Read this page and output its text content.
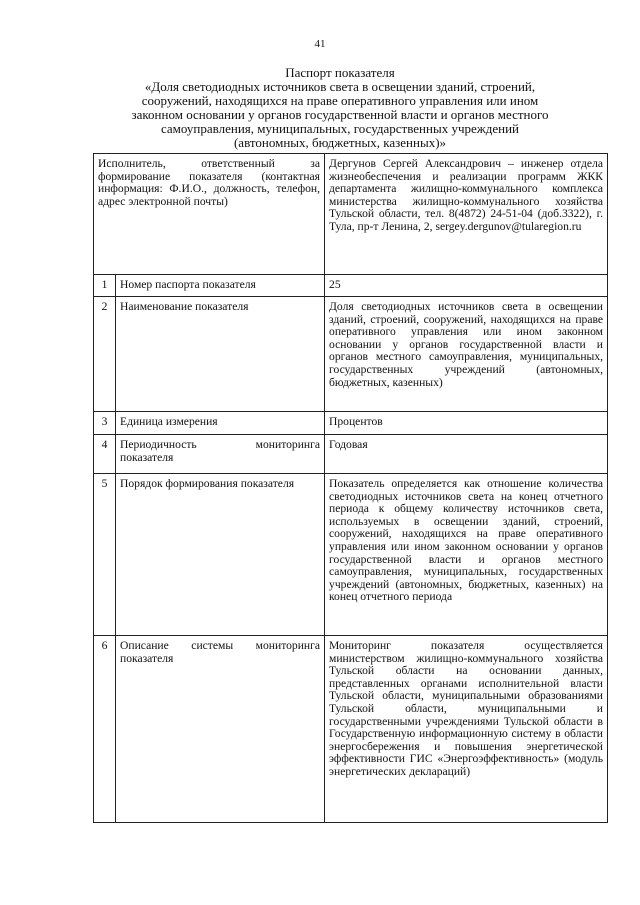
41
Паспорт показателя
«Доля светодиодных источников света в освещении зданий, строений,
сооружений, находящихся на праве оперативного управления или ином
законном основании у органов государственной власти и органов местного
самоуправления, муниципальных, государственных учреждений
(автономных, бюджетных, казенных)»
Исполнитель, ответственный за формирование показателя (контактная информация: Ф.И.О., должность, телефон, адрес электронной почты)		Дергунов Сергей Александрович – инженер отдела жизнеобеспечения и реализации программ ЖКК департамента жилищно-коммунального комплекса министерства жилищно-коммунального хозяйства Тульской области, тел. 8(4872) 24-51-04 (доб.3322), г. Тула, пр-т Ленина, 2, sergey.dergunov@tularegion.ru
1	Номер паспорта показателя	25
2	Наименование показателя	Доля светодиодных источников света в освещении зданий, строений, сооружений, находящихся на праве оперативного управления или ином законном основании у органов государственной власти и органов местного самоуправления, муниципальных, государственных учреждений (автономных, бюджетных, казенных)
3	Единица измерения	Процентов
4	Периодичность мониторинга показателя	Годовая
5	Порядок формирования показателя	Показатель определяется как отношение количества светодиодных источников света на конец отчетного периода к общему количеству источников света, используемых в освещении зданий, строений, сооружений, находящихся на праве оперативного управления или ином законном основании у органов государственной власти и органов местного самоуправления, муниципальных, государственных учреждений (автономных, бюджетных, казенных) на конец отчетного периода
6	Описание системы мониторинга показателя	Мониторинг показателя осуществляется министерством жилищно-коммунального хозяйства Тульской области на основании данных, представленных органами исполнительной власти Тульской области, муниципальными образованиями Тульской области, муниципальными и государственными учреждениями Тульской области в Государственную информационную систему в области энергосбережения и повышения энергетической эффективности ГИС «Энергоэффективность» (модуль энергетических деклараций)
